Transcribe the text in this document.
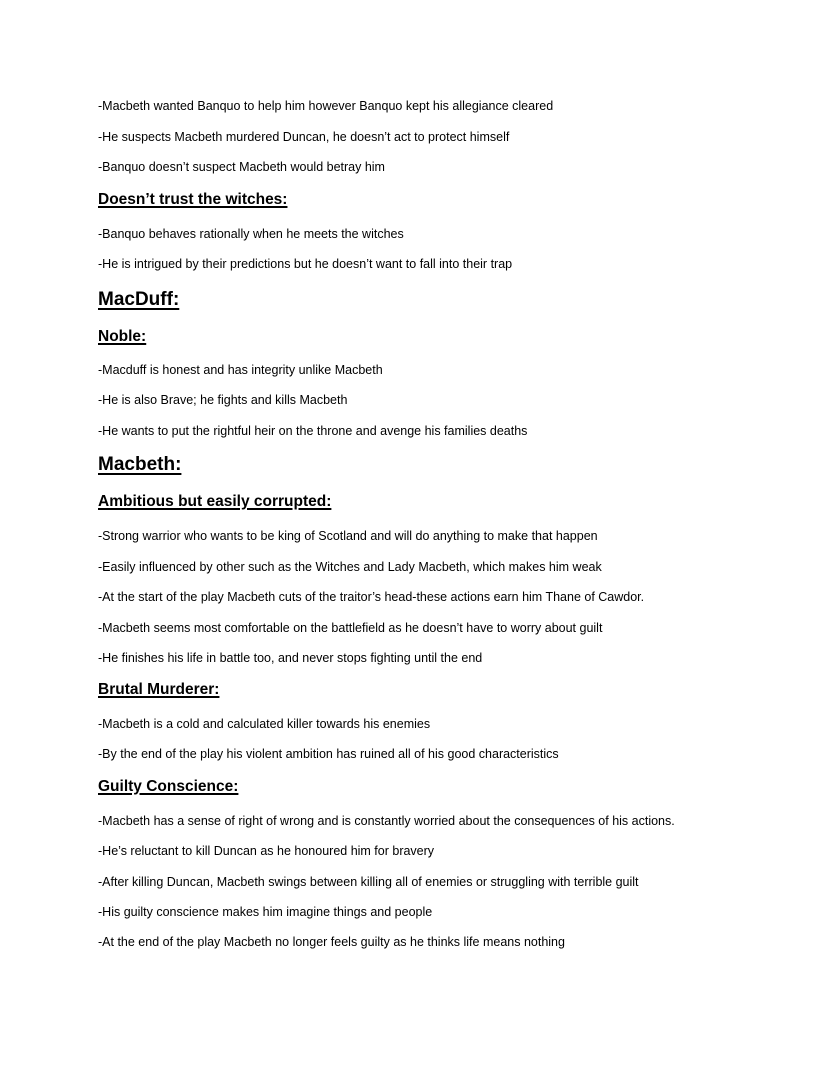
-Macbeth wanted Banquo to help him however Banquo kept his allegiance cleared
-He suspects Macbeth murdered Duncan, he doesn’t act to protect himself
-Banquo doesn’t suspect Macbeth would betray him
Doesn’t trust the witches:
-Banquo behaves rationally when he meets the witches
-He is intrigued by their predictions but he doesn’t want to fall into their trap
MacDuff:
Noble:
-Macduff is honest and has integrity unlike Macbeth
-He is also Brave; he fights and kills Macbeth
-He wants to put the rightful heir on the throne and avenge his families deaths
Macbeth:
Ambitious but easily corrupted:
-Strong warrior who wants to be king of Scotland and will do anything to make that happen
-Easily influenced by other such as the Witches and Lady Macbeth, which makes him weak
-At the start of the play Macbeth cuts of the traitor’s head-these actions earn him Thane of Cawdor.
-Macbeth seems most comfortable on the battlefield as he doesn’t have to worry about guilt
-He finishes his life in battle too, and never stops fighting until the end
Brutal Murderer:
-Macbeth is a cold and calculated killer towards his enemies
-By the end of the play his violent ambition has ruined all of his good characteristics
Guilty Conscience:
-Macbeth has a sense of right of wrong and is constantly worried about the consequences of his actions.
-He’s reluctant to kill Duncan as he honoured him for bravery
-After killing Duncan, Macbeth swings between killing all of enemies or struggling with terrible guilt
-His guilty conscience makes him imagine things and people
-At the end of the play Macbeth no longer feels guilty as he thinks life means nothing
